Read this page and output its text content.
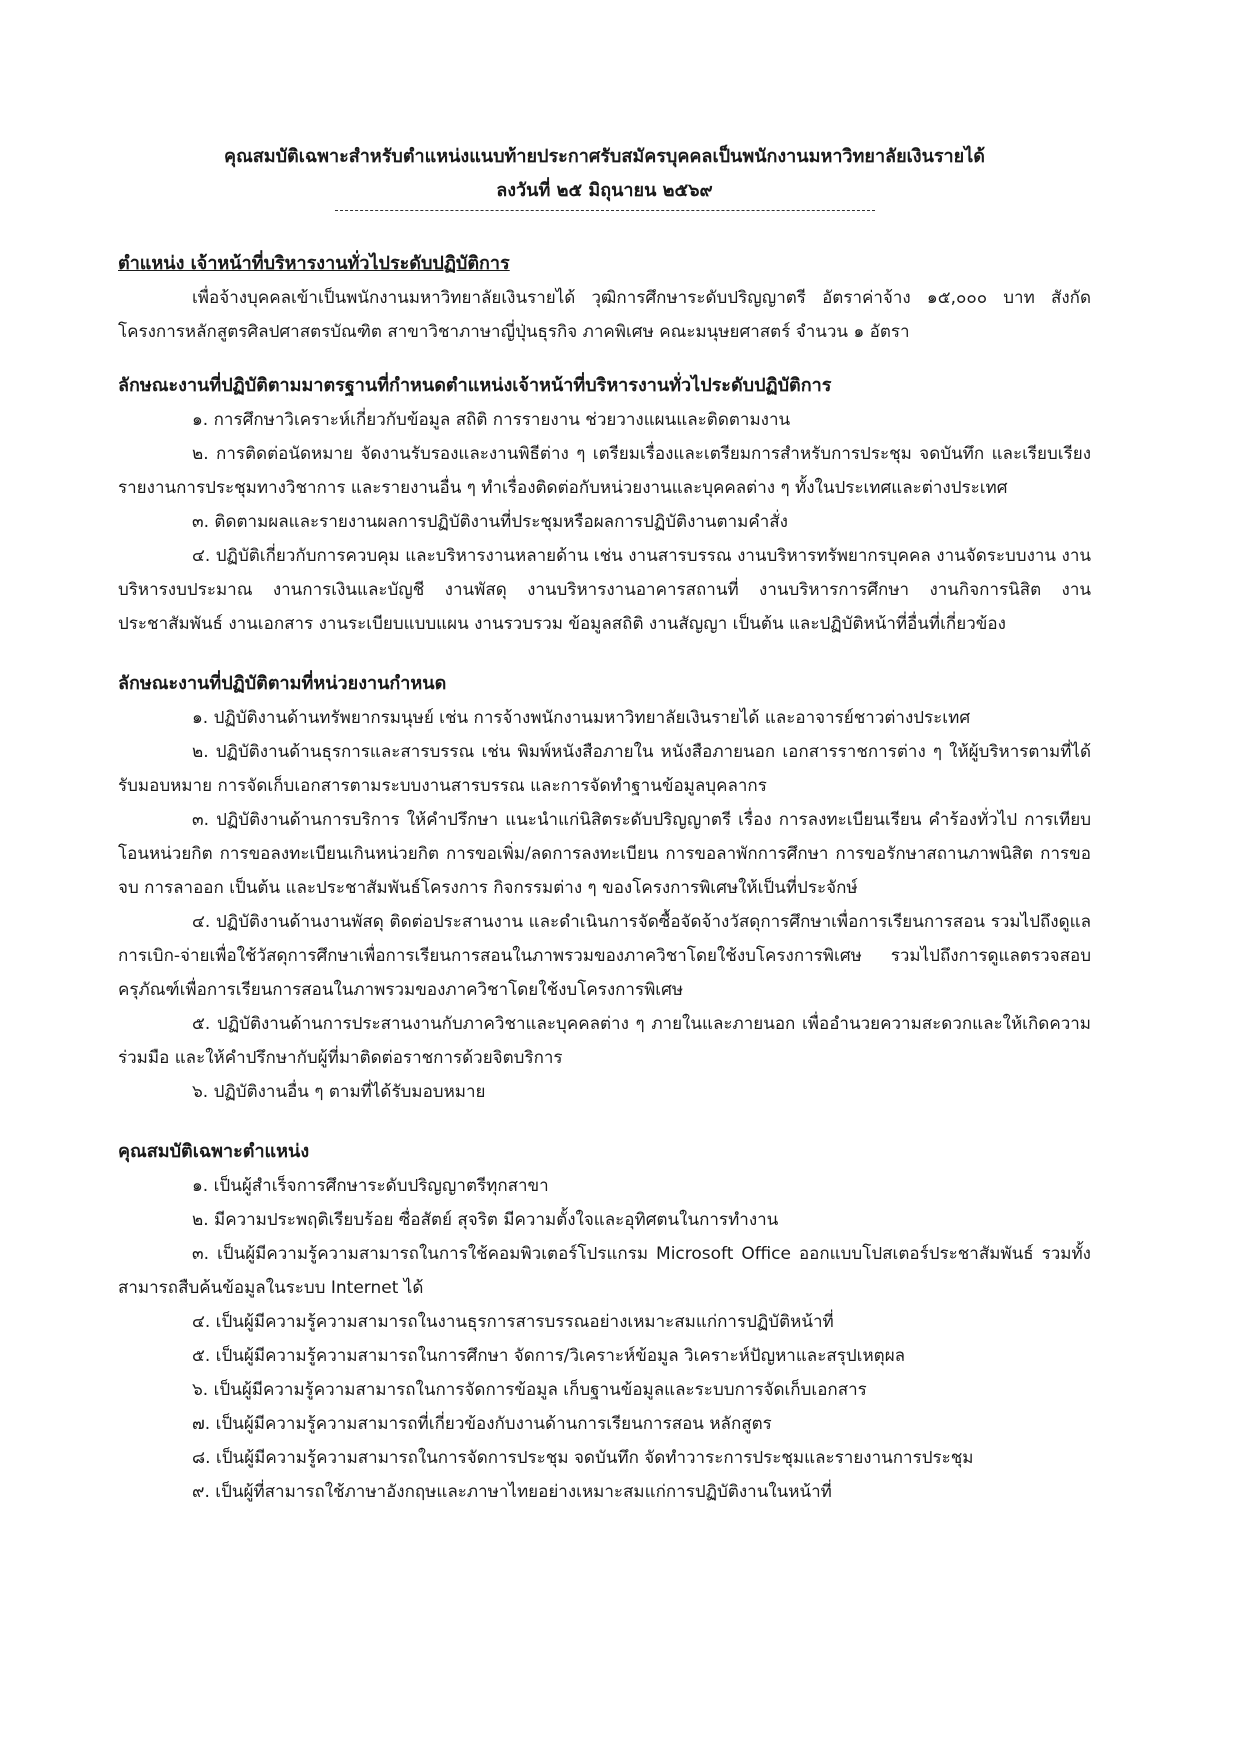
คุณสมบัติเฉพาะสำหรับตำแหน่งแนบท้ายประกาศรับสมัครบุคคลเป็นพนักงานมหาวิทยาลัยเงินรายได้
ลงวันที่ ๒๕ มิถุนายน ๒๕๖๙
ตำแหน่ง เจ้าหน้าที่บริหารงานทั่วไประดับปฏิบัติการ

เพื่อจ้างบุคคลเข้าเป็นพนักงานมหาวิทยาลัยเงินรายได้ วุฒิการศึกษาระดับปริญญาตรี อัตราค่าจ้าง ๑๕,๐๐๐ บาท สังกัดโครงการหลักสูตรศิลปศาสตรบัณฑิต สาขาวิชาภาษาญี่ปุ่นธุรกิจ ภาคพิเศษ คณะมนุษยศาสตร์ จำนวน ๑ อัตรา

ลักษณะงานที่ปฏิบัติตามมาตรฐานที่กำหนดตำแหน่งเจ้าหน้าที่บริหารงานทั่วไประดับปฏิบัติการ

๑. การศึกษาวิเคราะห์เกี่ยวกับข้อมูล สถิติ การรายงาน ช่วยวางแผนและติดตามงาน

๒. การติดต่อนัดหมาย จัดงานรับรองและงานพิธีต่าง ๆ เตรียมเรื่องและเตรียมการสำหรับการประชุม จดบันทึก และเรียบเรียงรายงานการประชุมทางวิชาการ และรายงานอื่น ๆ ทำเรื่องติดต่อกับหน่วยงานและบุคคลต่าง ๆ ทั้งในประเทศและต่างประเทศ

๓. ติดตามผลและรายงานผลการปฏิบัติงานที่ประชุมหรือผลการปฏิบัติงานตามคำสั่ง

๔. ปฏิบัติเกี่ยวกับการควบคุม และบริหารงานหลายด้าน เช่น งานสารบรรณ งานบริหารทรัพยากรบุคคล งานจัดระบบงาน งานบริหารงบประมาณ งานการเงินและบัญชี งานพัสดุ งานบริหารงานอาคารสถานที่ งานบริหารการศึกษา งานกิจการนิสิต งานประชาสัมพันธ์ งานเอกสาร งานระเบียบแบบแผน งานรวบรวม ข้อมูลสถิติ งานสัญญา เป็นต้น และปฏิบัติหน้าที่อื่นที่เกี่ยวข้อง

ลักษณะงานที่ปฏิบัติตามที่หน่วยงานกำหนด

๑. ปฏิบัติงานด้านทรัพยากรมนุษย์ เช่น การจ้างพนักงานมหาวิทยาลัยเงินรายได้ และอาจารย์ชาวต่างประเทศ

๒. ปฏิบัติงานด้านธุรการและสารบรรณ เช่น พิมพ์หนังสือภายใน หนังสือภายนอก เอกสารราชการต่าง ๆ ให้ผู้บริหารตามที่ได้รับมอบหมาย การจัดเก็บเอกสารตามระบบงานสารบรรณ และการจัดทำฐานข้อมูลบุคลากร

๓. ปฏิบัติงานด้านการบริการ ให้คำปรึกษา แนะนำแก่นิสิตระดับปริญญาตรี เรื่อง การลงทะเบียนเรียน คำร้องทั่วไป การเทียบโอนหน่วยกิต การขอลงทะเบียนเกินหน่วยกิต การขอเพิ่ม/ลดการลงทะเบียน การขอลาพักการศึกษา การขอรักษาสถานภาพนิสิต การขอจบ การลาออก เป็นต้น และประชาสัมพันธ์โครงการ กิจกรรมต่าง ๆ ของโครงการพิเศษให้เป็นที่ประจักษ์

๔. ปฏิบัติงานด้านงานพัสดุ ติดต่อประสานงาน และดำเนินการจัดซื้อจัดจ้างวัสดุการศึกษาเพื่อการเรียนการสอน รวมไปถึงดูแลการเบิก-จ่ายเพื่อใช้วัสดุการศึกษาเพื่อการเรียนการสอนในภาพรวมของภาควิชาโดยใช้งบโครงการพิเศษ รวมไปถึงการดูแลตรวจสอบครุภัณฑ์เพื่อการเรียนการสอนในภาพรวมของภาควิชาโดยใช้งบโครงการพิเศษ

๕. ปฏิบัติงานด้านการประสานงานกับภาควิชาและบุคคลต่าง ๆ ภายในและภายนอก เพื่ออำนวยความสะดวกและให้เกิดความร่วมมือ และให้คำปรึกษากับผู้ที่มาติดต่อราชการด้วยจิตบริการ

๖. ปฏิบัติงานอื่น ๆ ตามที่ได้รับมอบหมาย

คุณสมบัติเฉพาะตำแหน่ง

๑. เป็นผู้สำเร็จการศึกษาระดับปริญญาตรีทุกสาขา

๒. มีความประพฤติเรียบร้อย ซื่อสัตย์ สุจริต มีความตั้งใจและอุทิศตนในการทำงาน

๓. เป็นผู้มีความรู้ความสามารถในการใช้คอมพิวเตอร์โปรแกรม Microsoft Office ออกแบบโปสเตอร์ประชาสัมพันธ์ รวมทั้งสามารถสืบค้นข้อมูลในระบบ Internet ได้

๔. เป็นผู้มีความรู้ความสามารถในงานธุรการสารบรรณอย่างเหมาะสมแก่การปฏิบัติหน้าที่

๕. เป็นผู้มีความรู้ความสามารถในการศึกษา จัดการ/วิเคราะห์ข้อมูล วิเคราะห์ปัญหาและสรุปเหตุผล

๖. เป็นผู้มีความรู้ความสามารถในการจัดการข้อมูล เก็บฐานข้อมูลและระบบการจัดเก็บเอกสาร

๗. เป็นผู้มีความรู้ความสามารถที่เกี่ยวข้องกับงานด้านการเรียนการสอน หลักสูตร

๘. เป็นผู้มีความรู้ความสามารถในการจัดการประชุม จดบันทึก จัดทำวาระการประชุมและรายงานการประชุม

๙. เป็นผู้ที่สามารถใช้ภาษาอังกฤษและภาษาไทยอย่างเหมาะสมแก่การปฏิบัติงานในหน้าที่
